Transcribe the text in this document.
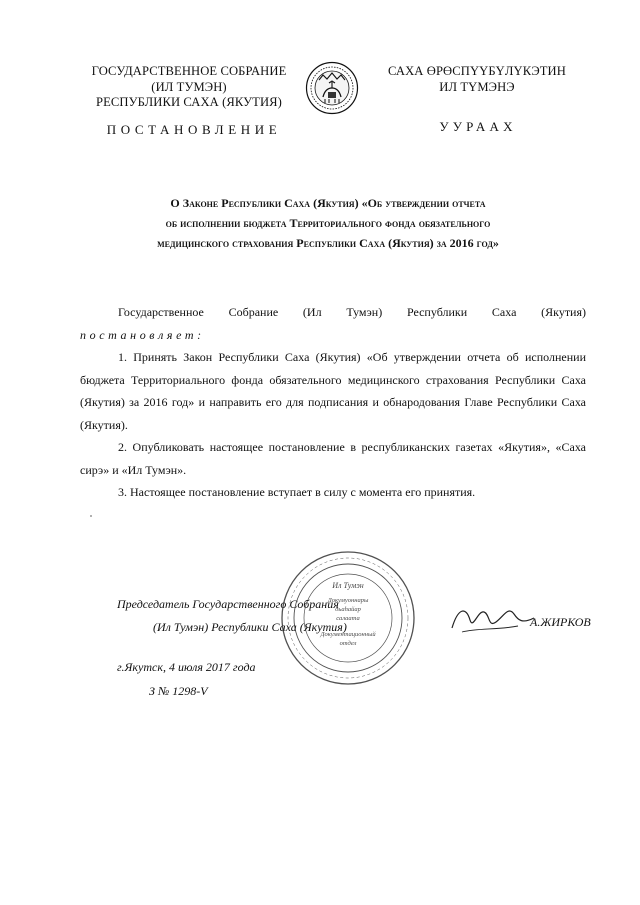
ГОСУДАРСТВЕННОЕ СОБРАНИЕ
(ИЛ ТУМЭН)
РЕСПУБЛИКИ САХА (ЯКУТИЯ)
САХА ӨРӨСПҮҮБҮЛҮКЭТИН
ИЛ ТҮМЭНЭ
ПОСТАНОВЛЕНИЕ	УУРААХ
О Законе Республики Саха (Якутия) «Об утверждении отчета
об исполнении бюджета Территориального фонда обязательного
медицинского страхования Республики Саха (Якутия) за 2016 год»

Государственное Собрание (Ил Тумэн) Республики Саха (Якутия)

постановляет:

1. Принять Закон Республики Саха (Якутия) «Об утверждении отчета об исполнении бюджета Территориального фонда обязательного медицинского страхования Республики Саха (Якутия) за 2016 год» и направить его для подписания и обнародования Главе Республики Саха (Якутия).

2. Опубликовать настоящее постановление в республиканских газетах «Якутия», «Саха сирэ» и «Ил Тумэн».

3. Настоящее постановление вступает в силу с момента его принятия.

Председатель Государственного Собрания
(Ил Тумэн) Республики Саха (Якутия)
Ил Тумэн
Докумуоннары
дьаһайар
салаата
Документационный
отдел
А.ЖИРКОВ
г.Якутск, 4 июля 2017 года
З № 1298-V
